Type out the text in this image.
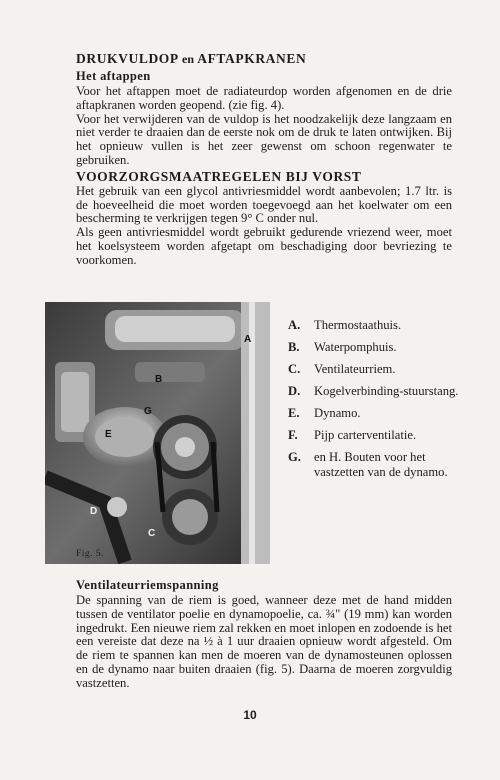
DRUKVULDOP en AFTAPKRANEN

Het aftappen

Voor het aftappen moet de radiateurdop worden afgenomen en de drie aftapkranen worden geopend. (zie fig. 4).

Voor het verwijderen van de vuldop is het noodzakelijk deze langzaam en niet verder te draaien dan de eerste nok om de druk te laten ontwijken. Bij het opnieuw vullen is het zeer gewenst om schoon regenwater te gebruiken.

VOORZORGSMAATREGELEN BIJ VORST

Het gebruik van een glycol antivriesmiddel wordt aanbevolen; 1.7 ltr. is de hoeveelheid die moet worden toegevoegd aan het koelwater om een bescherming te verkrijgen tegen 9° C onder nul.

Als geen antivriesmiddel wordt gebruikt gedurende vriezend weer, moet het koelsysteem worden afgetapt om beschadiging door bevriezing te voorkomen.

A
B
G
E
D
C
A.	Thermostaathuis.
B.	Waterpomphuis.
C.	Ventilateurriem.
D.	Kogelverbinding-stuurstang.
E.	Dynamo.
F.	Pijp carterventilatie.
G.	en H. Bouten voor het vastzetten van de dynamo.
Fig. 5.

Ventilateurriemspanning

De spanning van de riem is goed, wanneer deze met de hand midden tussen de ventilator poelie en dynamopoelie, ca. ¾" (19 mm) kan worden ingedrukt. Een nieuwe riem zal rekken en moet inlopen en zodoende is het een vereiste dat deze na ½ à 1 uur draaien opnieuw wordt afgesteld. Om de riem te spannen kan men de moeren van de dynamosteunen oplossen en de dynamo naar buiten draaien (fig. 5). Daarna de moeren zorgvuldig vastzetten.

10
